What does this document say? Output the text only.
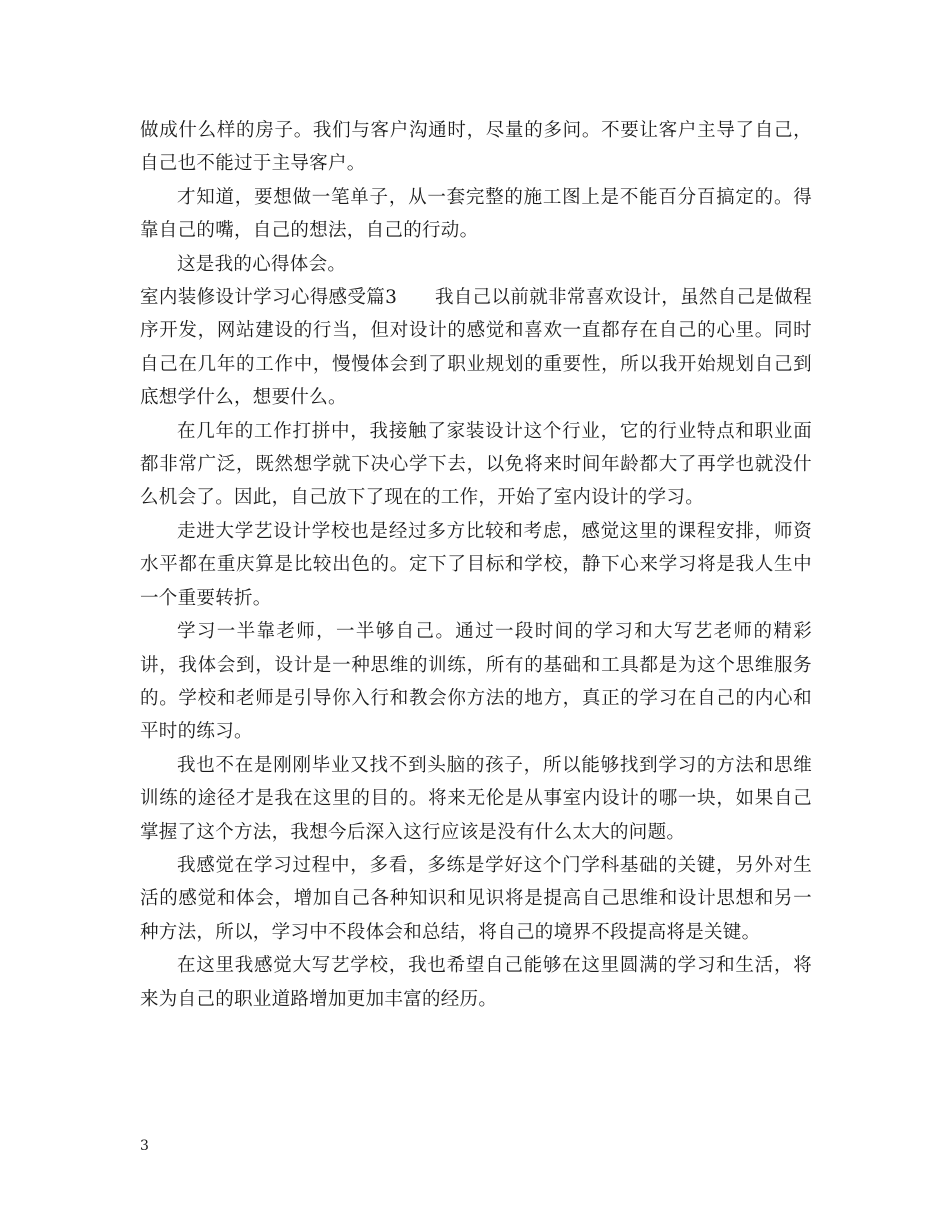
做成什么样的房子。我们与客户沟通时，尽量的多问。不要让客户主导了自己，自己也不能过于主导客户。

才知道，要想做一笔单子，从一套完整的施工图上是不能百分百搞定的。得靠自己的嘴，自己的想法，自己的行动。

这是我的心得体会。

室内装修设计学习心得感受篇3　　我自己以前就非常喜欢设计，虽然自己是做程序开发，网站建设的行当，但对设计的感觉和喜欢一直都存在自己的心里。同时自己在几年的工作中，慢慢体会到了职业规划的重要性，所以我开始规划自己到底想学什么，想要什么。

在几年的工作打拼中，我接触了家装设计这个行业，它的行业特点和职业面都非常广泛，既然想学就下决心学下去，以免将来时间年龄都大了再学也就没什么机会了。因此，自己放下了现在的工作，开始了室内设计的学习。

走进大学艺设计学校也是经过多方比较和考虑，感觉这里的课程安排，师资水平都在重庆算是比较出色的。定下了目标和学校，静下心来学习将是我人生中一个重要转折。

学习一半靠老师，一半够自己。通过一段时间的学习和大写艺老师的精彩讲，我体会到，设计是一种思维的训练，所有的基础和工具都是为这个思维服务的。学校和老师是引导你入行和教会你方法的地方，真正的学习在自己的内心和平时的练习。

我也不在是刚刚毕业又找不到头脑的孩子，所以能够找到学习的方法和思维训练的途径才是我在这里的目的。将来无伦是从事室内设计的哪一块，如果自己掌握了这个方法，我想今后深入这行应该是没有什么太大的问题。

我感觉在学习过程中，多看，多练是学好这个门学科基础的关键，另外对生活的感觉和体会，增加自己各种知识和见识将是提高自己思维和设计思想和另一种方法，所以，学习中不段体会和总结，将自己的境界不段提高将是关键。

在这里我感觉大写艺学校，我也希望自己能够在这里圆满的学习和生活，将来为自己的职业道路增加更加丰富的经历。

3
